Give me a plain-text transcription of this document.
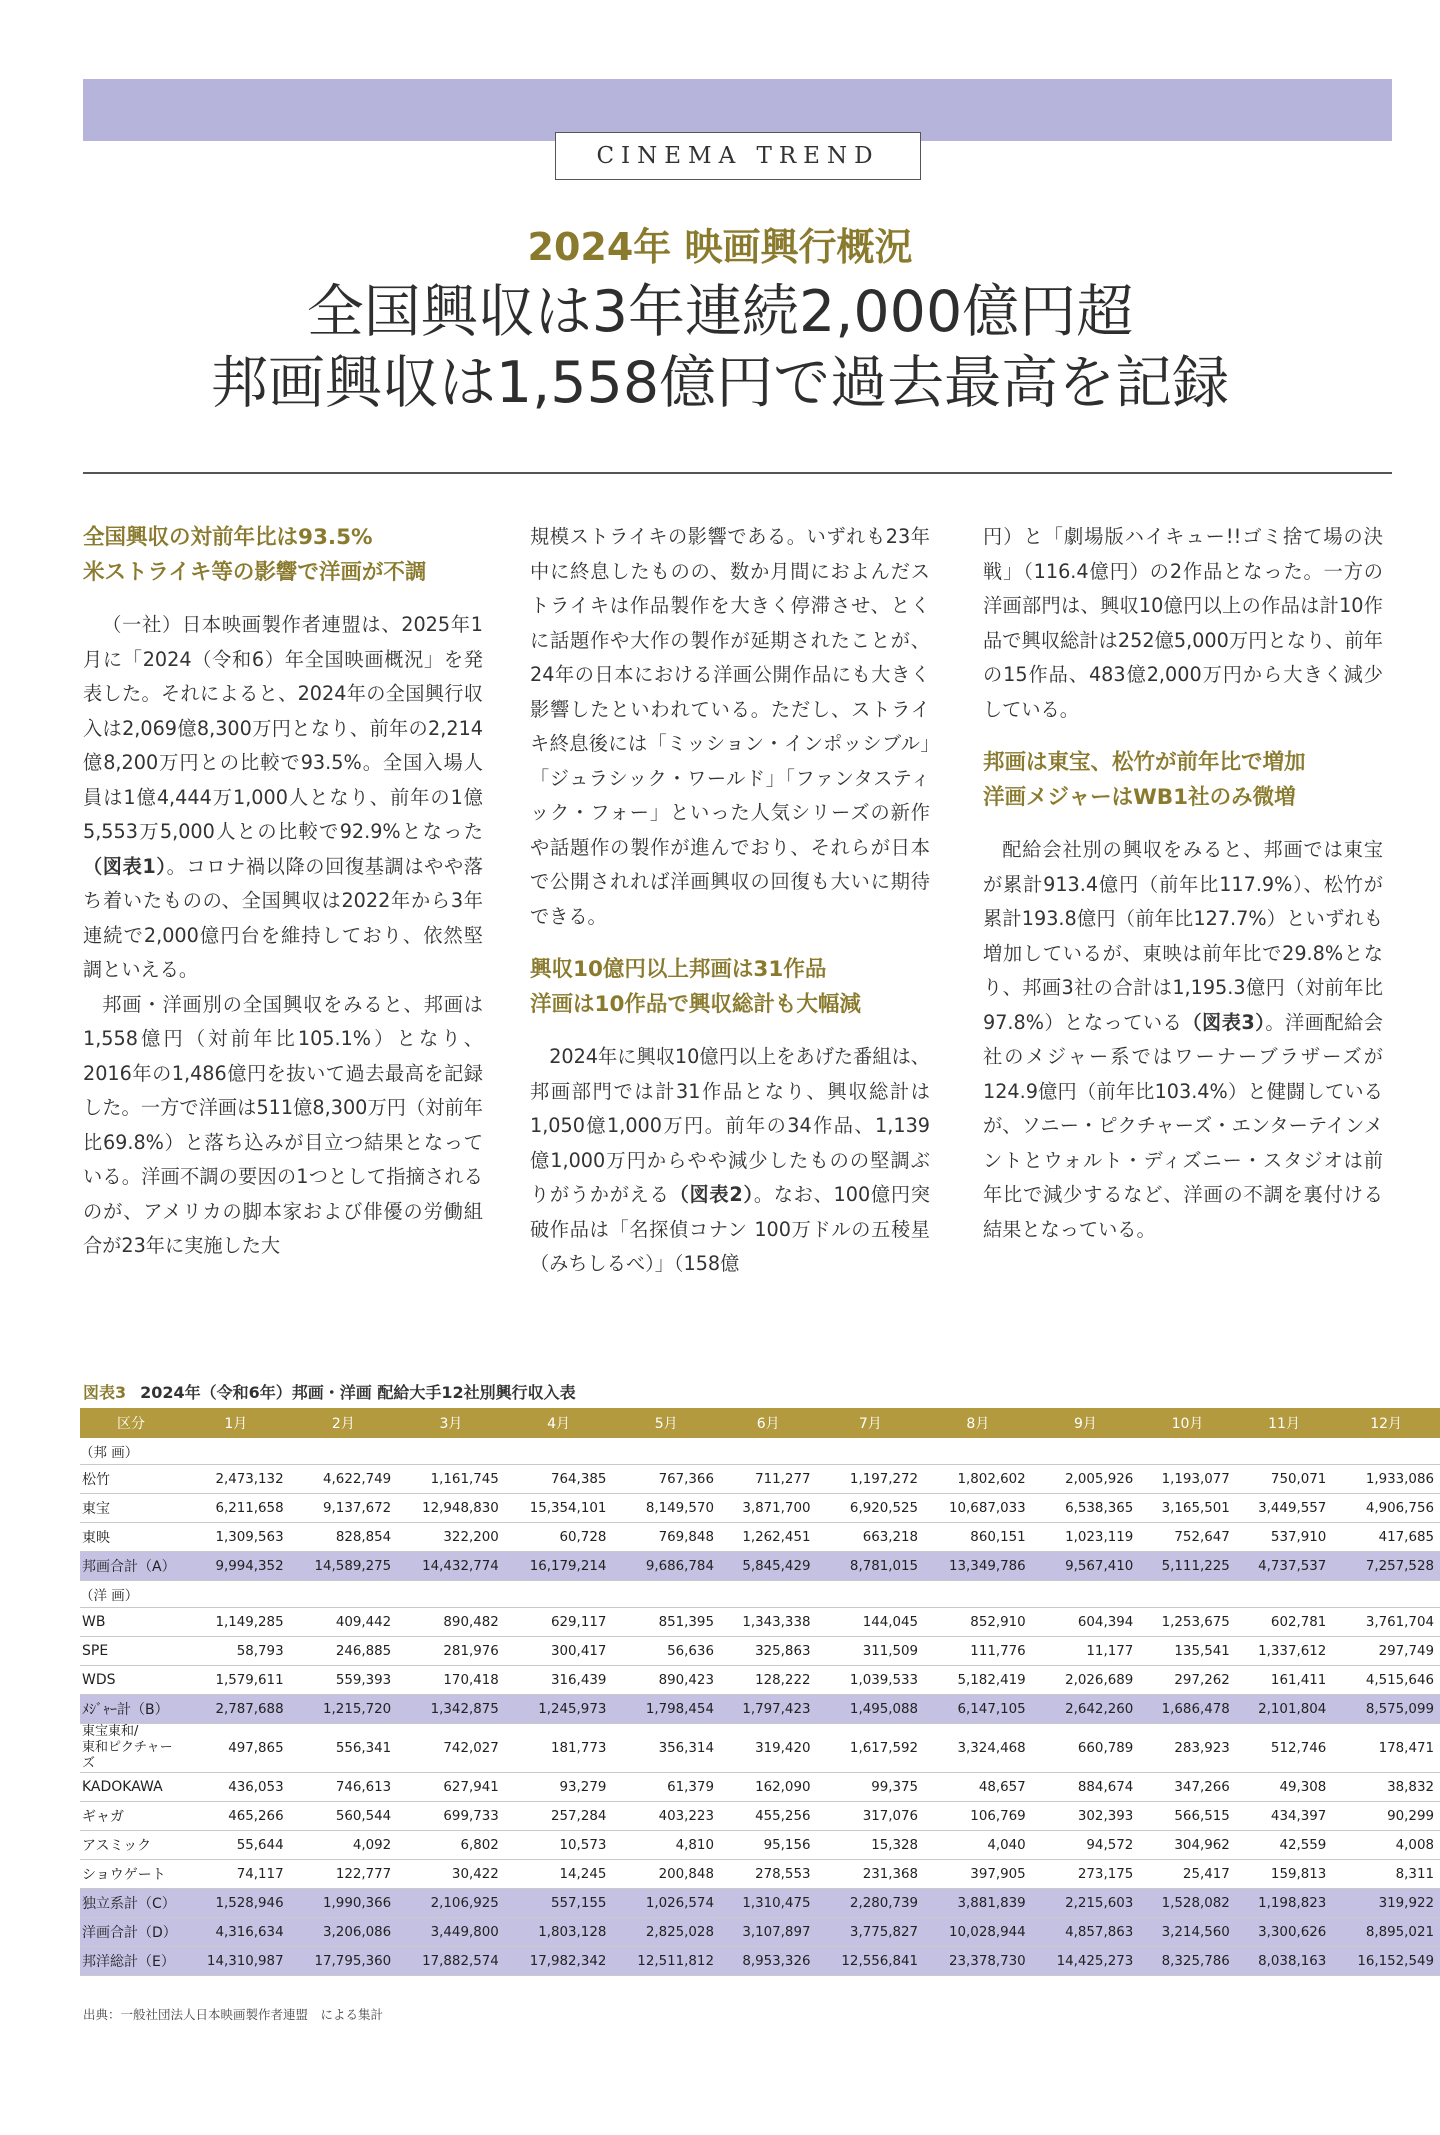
CINEMA TREND
2024年 映画興行概況
全国興収は3年連続2,000億円超
邦画興収は1,558億円で過去最高を記録
全国興収の対前年比は93.5%
米ストライキ等の影響で洋画が不調

（一社）日本映画製作者連盟は、2025年1月に「2024（令和6）年全国映画概況」を発表した。それによると、2024年の全国興行収入は2,069億8,300万円となり、前年の2,214億8,200万円との比較で93.5%。全国入場人員は1億4,444万1,000人となり、前年の1億5,553万5,000人との比較で92.9%となった（図表1）。コロナ禍以降の回復基調はやや落ち着いたものの、全国興収は2022年から3年連続で2,000億円台を維持しており、依然堅調といえる。

邦画・洋画別の全国興収をみると、邦画は1,558億円（対前年比105.1%）となり、2016年の1,486億円を抜いて過去最高を記録した。一方で洋画は511億8,300万円（対前年比69.8%）と落ち込みが目立つ結果となっている。洋画不調の要因の1つとして指摘されるのが、アメリカの脚本家および俳優の労働組合が23年に実施した大

規模ストライキの影響である。いずれも23年中に終息したものの、数か月間におよんだストライキは作品製作を大きく停滞させ、とくに話題作や大作の製作が延期されたことが、24年の日本における洋画公開作品にも大きく影響したといわれている。ただし、ストライキ終息後には「ミッション・インポッシブル」「ジュラシック・ワールド」「ファンタスティック・フォー」といった人気シリーズの新作や話題作の製作が進んでおり、それらが日本で公開されれば洋画興収の回復も大いに期待できる。

興収10億円以上邦画は31作品
洋画は10作品で興収総計も大幅減

2024年に興収10億円以上をあげた番組は、邦画部門では計31作品となり、興収総計は1,050億1,000万円。前年の34作品、1,139億1,000万円からやや減少したものの堅調ぶりがうかがえる（図表2）。なお、100億円突破作品は「名探偵コナン 100万ドルの五稜星（みちしるべ）」（158億

円）と「劇場版ハイキュー!!ゴミ捨て場の決戦」（116.4億円）の2作品となった。一方の洋画部門は、興収10億円以上の作品は計10作品で興収総計は252億5,000万円となり、前年の15作品、483億2,000万円から大きく減少している。

邦画は東宝、松竹が前年比で増加
洋画メジャーはWB1社のみ微増

配給会社別の興収をみると、邦画では東宝が累計913.4億円（前年比117.9%）、松竹が累計193.8億円（前年比127.7%）といずれも増加しているが、東映は前年比で29.8%となり、邦画3社の合計は1,195.3億円（対前年比97.8%）となっている（図表3）。洋画配給会社のメジャー系ではワーナーブラザーズが124.9億円（前年比103.4%）と健闘しているが、ソニー・ピクチャーズ・エンターテインメントとウォルト・ディズニー・スタジオは前年比で減少するなど、洋画の不調を裏付ける結果となっている。

図表3 2024年（令和6年）邦画・洋画 配給大手12社別興行収入表
区分	1月	2月	3月	4月	5月	6月	7月	8月	9月	10月	11月	12月
（邦 画）												
松竹	2,473,132	4,622,749	1,161,745	764,385	767,366	711,277	1,197,272	1,802,602	2,005,926	1,193,077	750,071	1,933,086
東宝	6,211,658	9,137,672	12,948,830	15,354,101	8,149,570	3,871,700	6,920,525	10,687,033	6,538,365	3,165,501	3,449,557	4,906,756
東映	1,309,563	828,854	322,200	60,728	769,848	1,262,451	663,218	860,151	1,023,119	752,647	537,910	417,685
邦画合計（A）	9,994,352	14,589,275	14,432,774	16,179,214	9,686,784	5,845,429	8,781,015	13,349,786	9,567,410	5,111,225	4,737,537	7,257,528
（洋 画）												
WB	1,149,285	409,442	890,482	629,117	851,395	1,343,338	144,045	852,910	604,394	1,253,675	602,781	3,761,704
SPE	58,793	246,885	281,976	300,417	56,636	325,863	311,509	111,776	11,177	135,541	1,337,612	297,749
WDS	1,579,611	559,393	170,418	316,439	890,423	128,222	1,039,533	5,182,419	2,026,689	297,262	161,411	4,515,646
ﾒｼﾞｬｰ計（B）	2,787,688	1,215,720	1,342,875	1,245,973	1,798,454	1,797,423	1,495,088	6,147,105	2,642,260	1,686,478	2,101,804	8,575,099
東宝東和/
東和ピクチャーズ	497,865	556,341	742,027	181,773	356,314	319,420	1,617,592	3,324,468	660,789	283,923	512,746	178,471
KADOKAWA	436,053	746,613	627,941	93,279	61,379	162,090	99,375	48,657	884,674	347,266	49,308	38,832
ギャガ	465,266	560,544	699,733	257,284	403,223	455,256	317,076	106,769	302,393	566,515	434,397	90,299
アスミック	55,644	4,092	6,802	10,573	4,810	95,156	15,328	4,040	94,572	304,962	42,559	4,008
ショウゲート	74,117	122,777	30,422	14,245	200,848	278,553	231,368	397,905	273,175	25,417	159,813	8,311
独立系計（C）	1,528,946	1,990,366	2,106,925	557,155	1,026,574	1,310,475	2,280,739	3,881,839	2,215,603	1,528,082	1,198,823	319,922
洋画合計（D）	4,316,634	3,206,086	3,449,800	1,803,128	2,825,028	3,107,897	3,775,827	10,028,944	4,857,863	3,214,560	3,300,626	8,895,021
邦洋総計（E）	14,310,987	17,795,360	17,882,574	17,982,342	12,511,812	8,953,326	12,556,841	23,378,730	14,425,273	8,325,786	8,038,163	16,152,549
出典：一般社団法人日本映画製作者連盟　による集計
